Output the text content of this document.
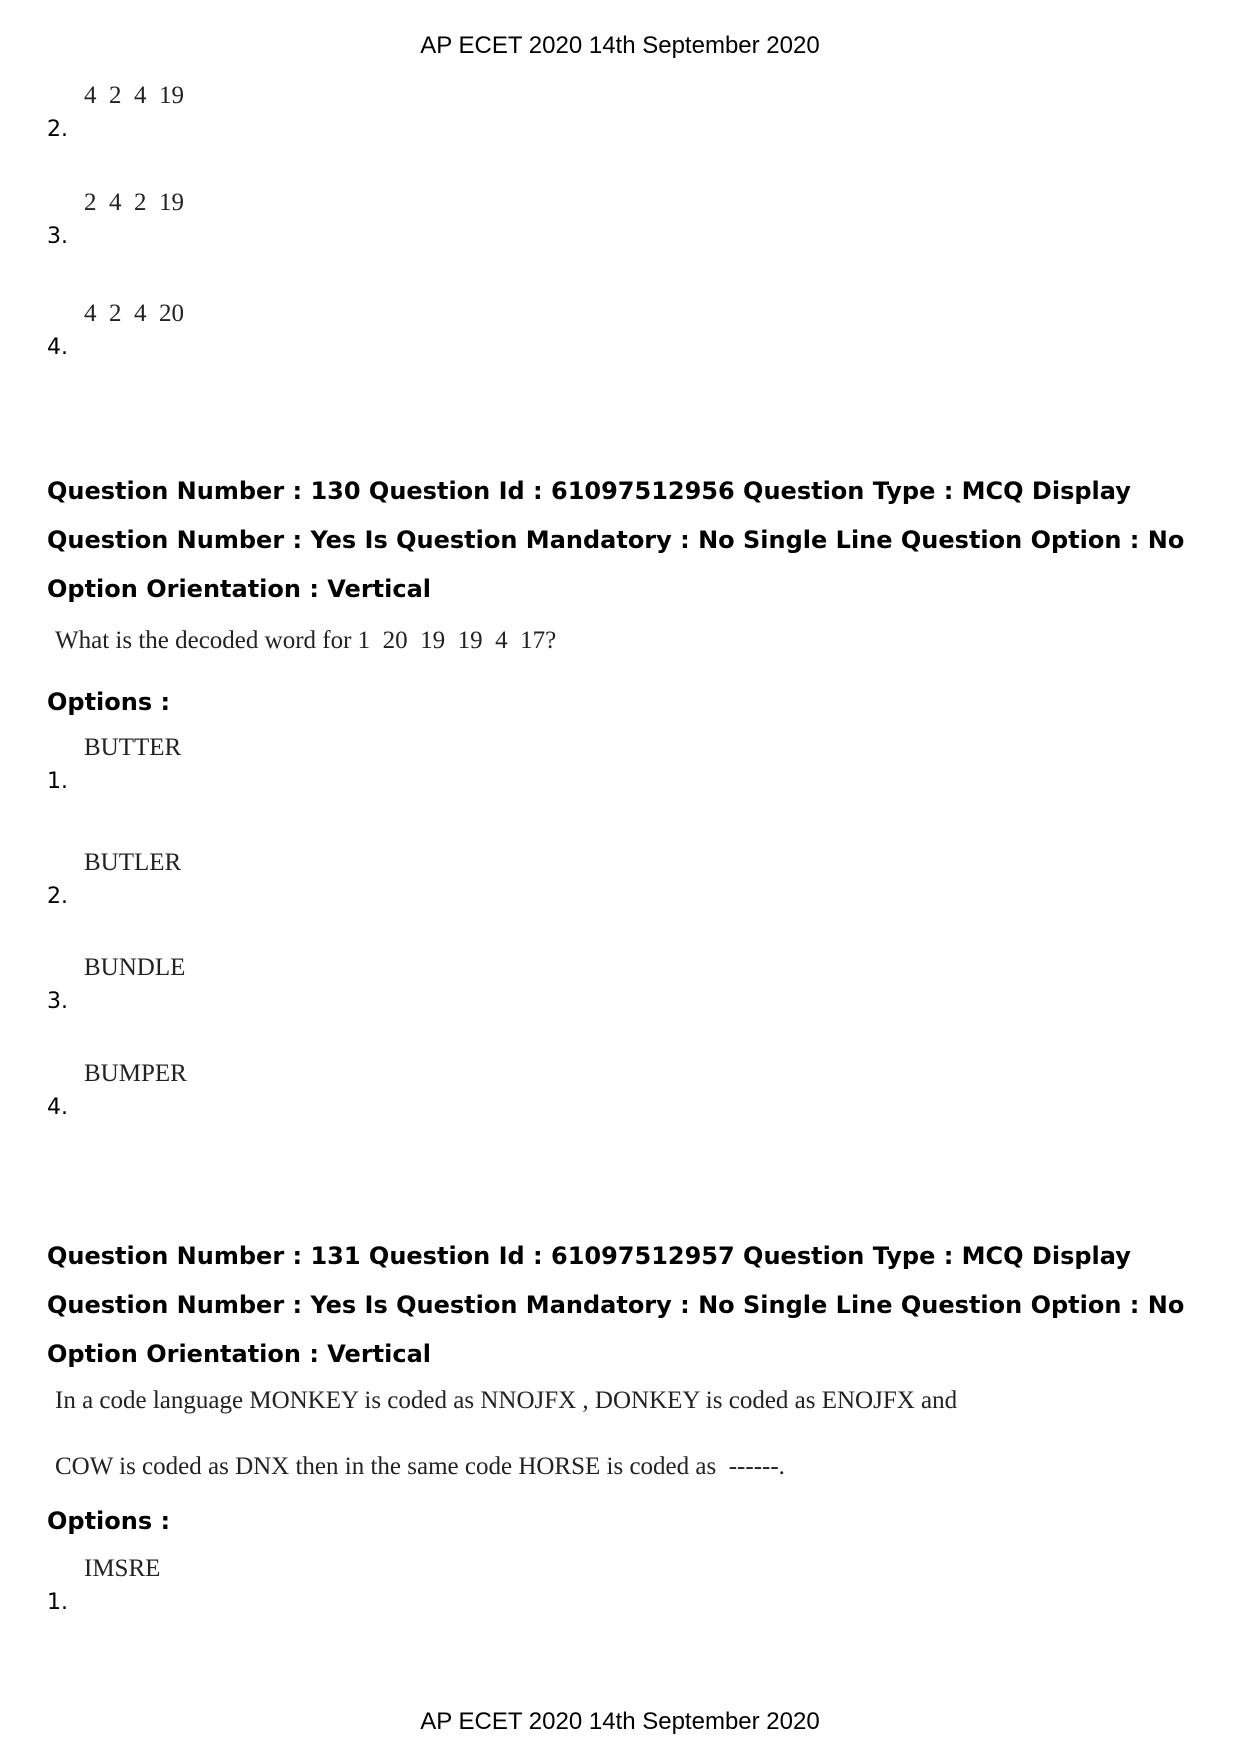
AP ECET 2020 14th September 2020
2.
4  2  4  19
3.
2  4  2  19
4.
4  2  4  20
Question Number : 130 Question Id : 61097512956 Question Type : MCQ Display Question Number : Yes Is Question Mandatory : No Single Line Question Option : No Option Orientation : Vertical
What is the decoded word for 1  20  19  19  4  17?
Options :
1.
BUTTER
2.
BUTLER
3.
BUNDLE
4.
BUMPER
Question Number : 131 Question Id : 61097512957 Question Type : MCQ Display Question Number : Yes Is Question Mandatory : No Single Line Question Option : No Option Orientation : Vertical
In a code language MONKEY is coded as NNOJFX , DONKEY is coded as ENOJFX and
COW is coded as DNX then in the same code HORSE is coded as  ------.
Options :
1.
IMSRE
AP ECET 2020 14th September 2020
